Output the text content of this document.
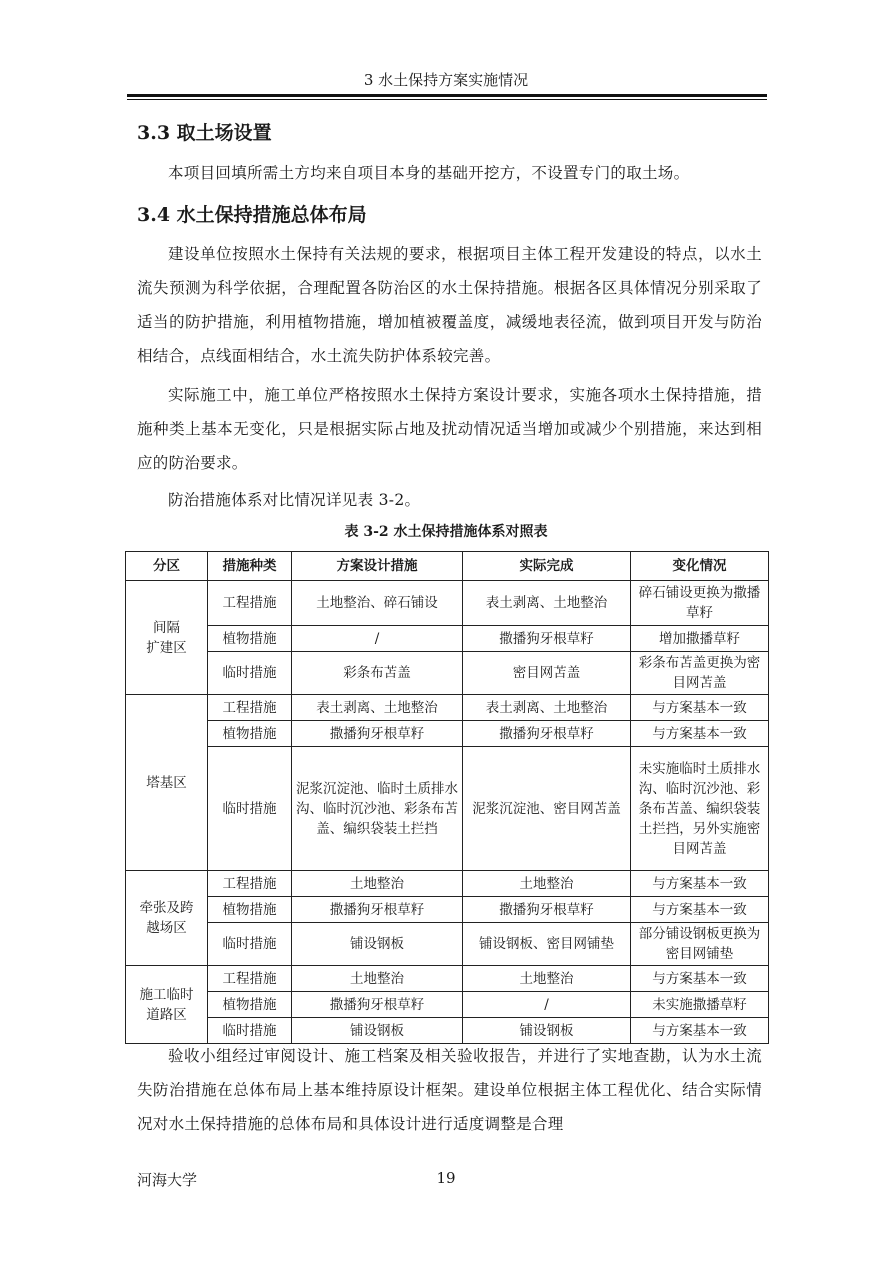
3 水土保持方案实施情况
3.3 取土场设置
本项目回填所需土方均来自项目本身的基础开挖方，不设置专门的取土场。
3.4 水土保持措施总体布局
建设单位按照水土保持有关法规的要求，根据项目主体工程开发建设的特点，以水土流失预测为科学依据，合理配置各防治区的水土保持措施。根据各区具体情况分别采取了适当的防护措施，利用植物措施，增加植被覆盖度，减缓地表径流，做到项目开发与防治相结合，点线面相结合，水土流失防护体系较完善。
实际施工中，施工单位严格按照水土保持方案设计要求，实施各项水土保持措施，措施种类上基本无变化，只是根据实际占地及扰动情况适当增加或减少个别措施，来达到相应的防治要求。
防治措施体系对比情况详见表 3-2。
表 3-2 水土保持措施体系对照表
分区	措施种类	方案设计措施	实际完成	变化情况
间隔
扩建区	工程措施	土地整治、碎石铺设	表土剥离、土地整治	碎石铺设更换为撒播草籽
	植物措施	/	撒播狗牙根草籽	增加撒播草籽
	临时措施	彩条布苫盖	密目网苫盖	彩条布苫盖更换为密目网苫盖
塔基区	工程措施	表土剥离、土地整治	表土剥离、土地整治	与方案基本一致
	植物措施	撒播狗牙根草籽	撒播狗牙根草籽	与方案基本一致
	临时措施	泥浆沉淀池、临时土质排水沟、临时沉沙池、彩条布苫盖、编织袋装土拦挡	泥浆沉淀池、密目网苫盖	未实施临时土质排水沟、临时沉沙池、彩条布苫盖、编织袋装土拦挡，另外实施密目网苫盖
牵张及跨
越场区	工程措施	土地整治	土地整治	与方案基本一致
	植物措施	撒播狗牙根草籽	撒播狗牙根草籽	与方案基本一致
	临时措施	铺设钢板	铺设钢板、密目网铺垫	部分铺设钢板更换为密目网铺垫
施工临时
道路区	工程措施	土地整治	土地整治	与方案基本一致
	植物措施	撒播狗牙根草籽	/	未实施撒播草籽
	临时措施	铺设钢板	铺设钢板	与方案基本一致
验收小组经过审阅设计、施工档案及相关验收报告，并进行了实地查勘，认为水土流失防治措施在总体布局上基本维持原设计框架。建设单位根据主体工程优化、结合实际情况对水土保持措施的总体布局和具体设计进行适度调整是合理
河海大学	19
